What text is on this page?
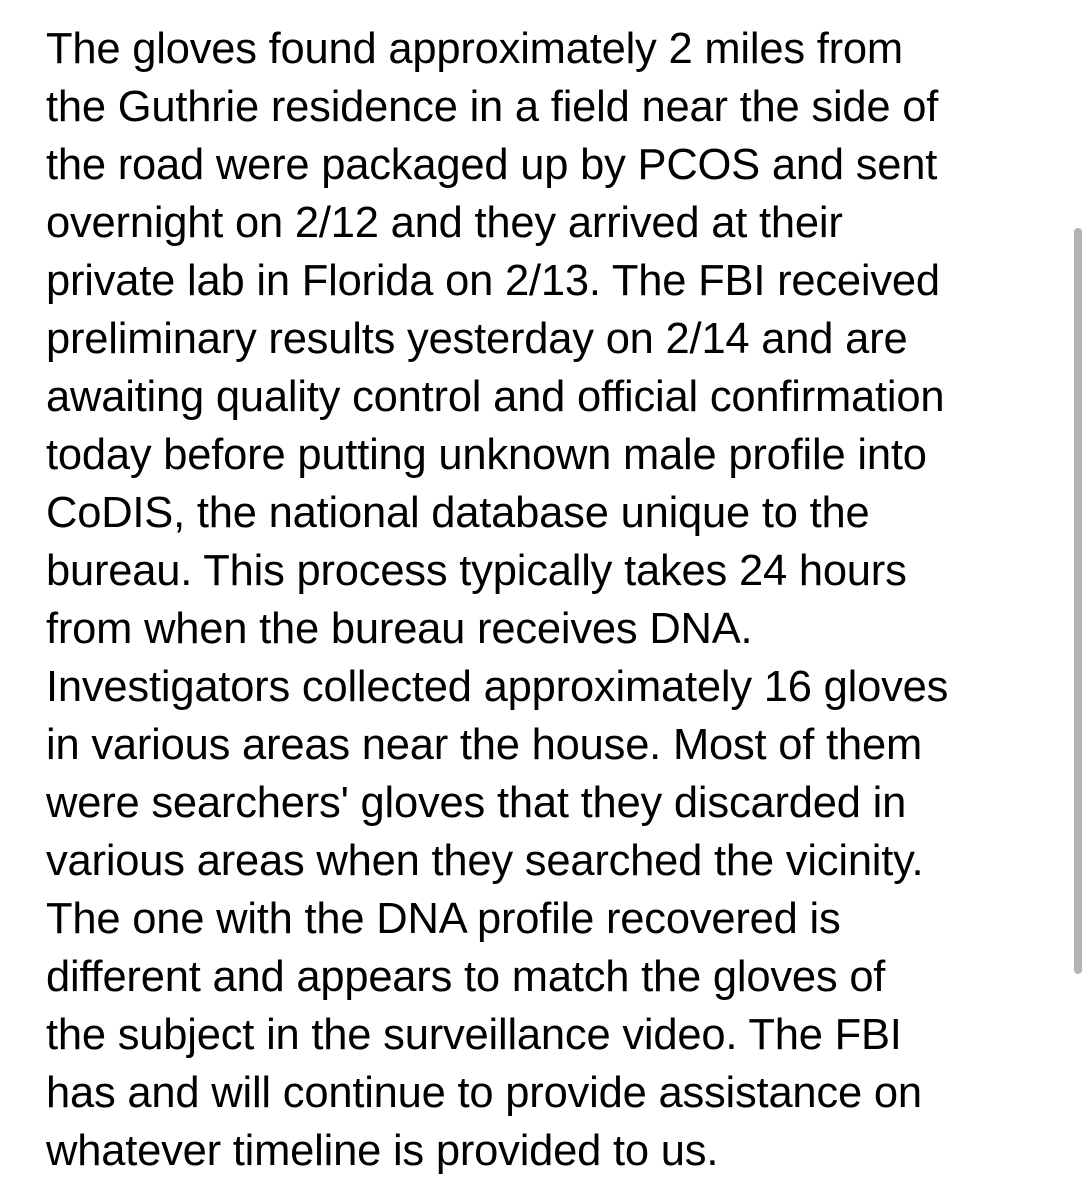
The gloves found approximately 2 miles from
the Guthrie residence in a field near the side of
the road were packaged up by PCOS and sent
overnight on 2/12 and they arrived at their
private lab in Florida on 2/13. The FBI received
preliminary results yesterday on 2/14 and are
awaiting quality control and official confirmation
today before putting unknown male profile into
CoDIS, the national database unique to the
bureau. This process typically takes 24 hours
from when the bureau receives DNA.
Investigators collected approximately 16 gloves
in various areas near the house. Most of them
were searchers' gloves that they discarded in
various areas when they searched the vicinity.
The one with the DNA profile recovered is
different and appears to match the gloves of
the subject in the surveillance video. The FBI
has and will continue to provide assistance on
whatever timeline is provided to us.
